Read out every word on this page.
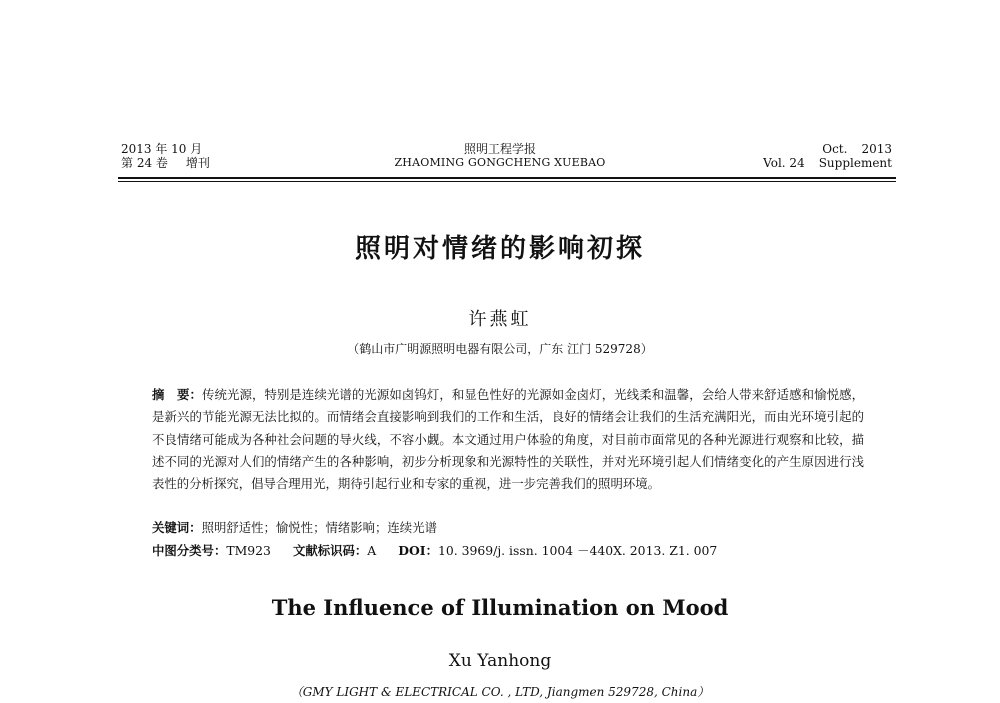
2013 年 10 月
第 24 卷 增刊
照明工程学报
ZHAOMING GONGCHENG XUEBAO
Oct. 2013
Vol. 24 Supplement
照明对情绪的影响初探
许燕虹
（鹤山市广明源照明电器有限公司，广东 江门 529728）
摘　要：传统光源，特别是连续光谱的光源如卤钨灯，和显色性好的光源如金卤灯，光线柔和温馨，会给人带来舒适感和愉悦感，是新兴的节能光源无法比拟的。而情绪会直接影响到我们的工作和生活，良好的情绪会让我们的生活充满阳光，而由光环境引起的不良情绪可能成为各种社会问题的导火线，不容小觑。本文通过用户体验的角度，对目前市面常见的各种光源进行观察和比较，描述不同的光源对人们的情绪产生的各种影响，初步分析现象和光源特性的关联性，并对光环境引起人们情绪变化的产生原因进行浅表性的分析探究，倡导合理用光，期待引起行业和专家的重视，进一步完善我们的照明环境。
关键词：照明舒适性；愉悦性；情绪影响；连续光谱
中图分类号：TM923 文献标识码：A DOI：10. 3969/j. issn. 1004 －440X. 2013. Z1. 007
The Influence of Illumination on Mood
Xu Yanhong
（GMY LIGHT & ELECTRICAL CO. , LTD, Jiangmen 529728, China）
